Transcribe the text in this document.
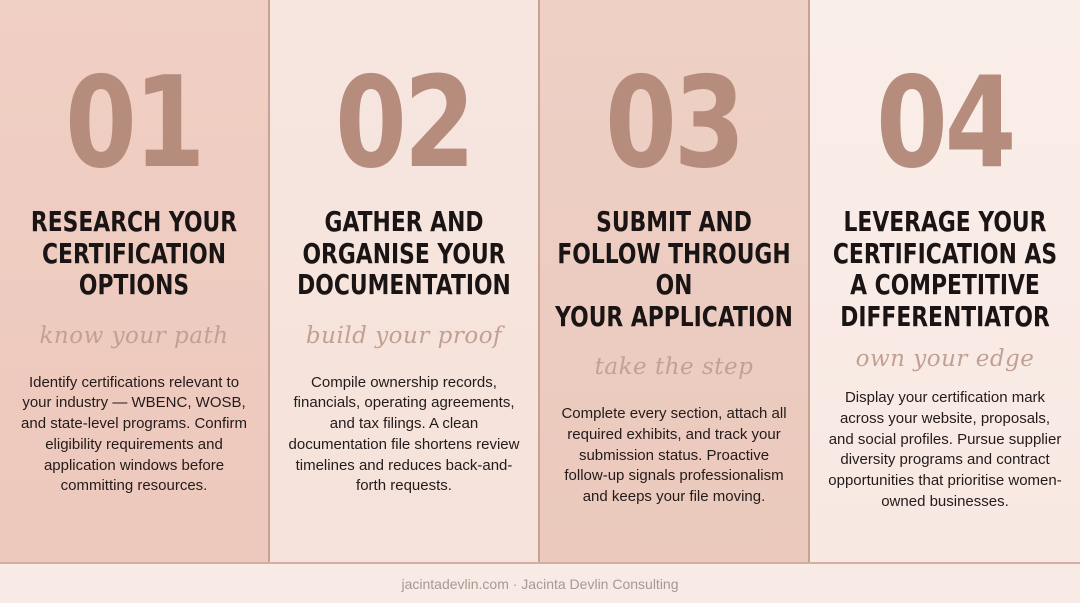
01
RESEARCH YOUR
CERTIFICATION
OPTIONS
know your path
Identify certifications relevant to your industry — WBENC, WOSB, and state-level programs. Confirm eligibility requirements and application windows before committing resources.
02
GATHER AND
ORGANISE YOUR
DOCUMENTATION
build your proof
Compile ownership records, financials, operating agreements, and tax filings. A clean documentation file shortens review timelines and reduces back-and-forth requests.
03
SUBMIT AND
FOLLOW THROUGH ON
YOUR APPLICATION
take the step
Complete every section, attach all required exhibits, and track your submission status. Proactive follow-up signals professionalism and keeps your file moving.
04
LEVERAGE YOUR
CERTIFICATION AS
A COMPETITIVE
DIFFERENTIATOR
own your edge
Display your certification mark across your website, proposals, and social profiles. Pursue supplier diversity programs and contract opportunities that prioritise women-owned businesses.
jacintadevlin.com · Jacinta Devlin Consulting
